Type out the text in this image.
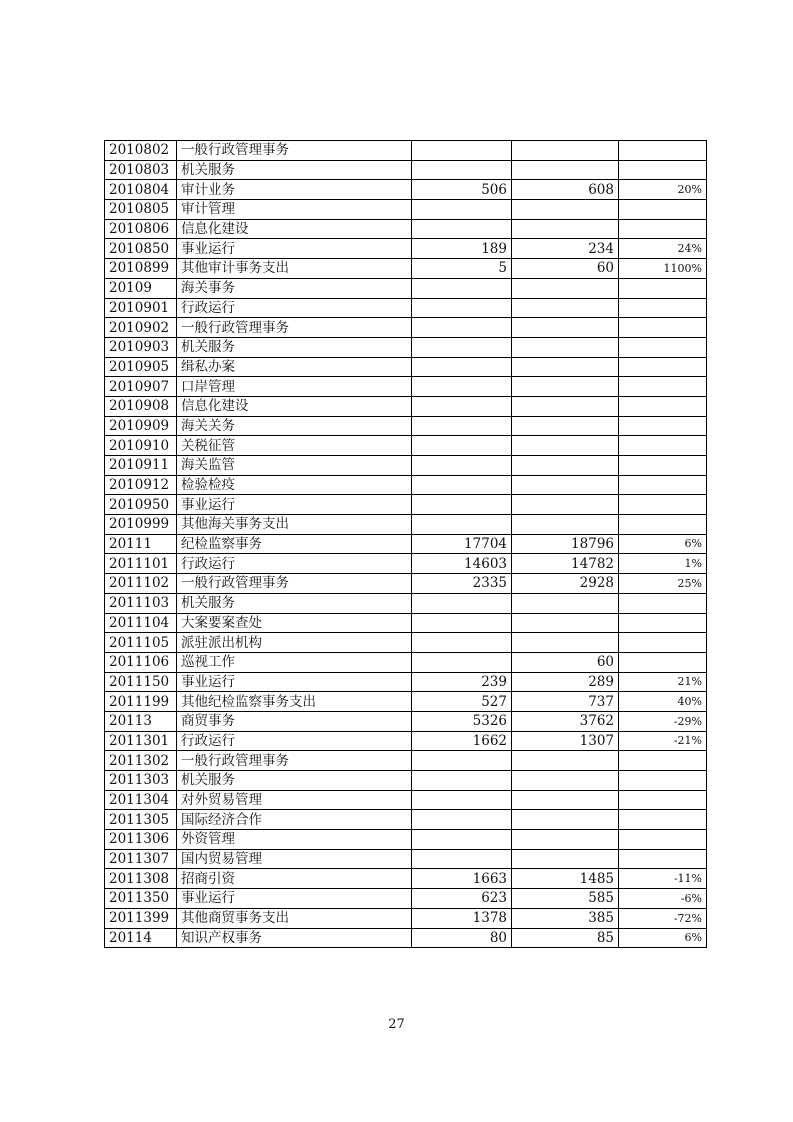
2010802	一般行政管理事务			
2010803	机关服务			
2010804	审计业务	506	608	20%
2010805	审计管理			
2010806	信息化建设			
2010850	事业运行	189	234	24%
2010899	其他审计事务支出	5	60	1100%
20109	海关事务			
2010901	行政运行			
2010902	一般行政管理事务			
2010903	机关服务			
2010905	缉私办案			
2010907	口岸管理			
2010908	信息化建设			
2010909	海关关务			
2010910	关税征管			
2010911	海关监管			
2010912	检验检疫			
2010950	事业运行			
2010999	其他海关事务支出			
20111	纪检监察事务	17704	18796	6%
2011101	行政运行	14603	14782	1%
2011102	一般行政管理事务	2335	2928	25%
2011103	机关服务			
2011104	大案要案查处			
2011105	派驻派出机构			
2011106	巡视工作		60	
2011150	事业运行	239	289	21%
2011199	其他纪检监察事务支出	527	737	40%
20113	商贸事务	5326	3762	-29%
2011301	行政运行	1662	1307	-21%
2011302	一般行政管理事务			
2011303	机关服务			
2011304	对外贸易管理			
2011305	国际经济合作			
2011306	外资管理			
2011307	国内贸易管理			
2011308	招商引资	1663	1485	-11%
2011350	事业运行	623	585	-6%
2011399	其他商贸事务支出	1378	385	-72%
20114	知识产权事务	80	85	6%
27
